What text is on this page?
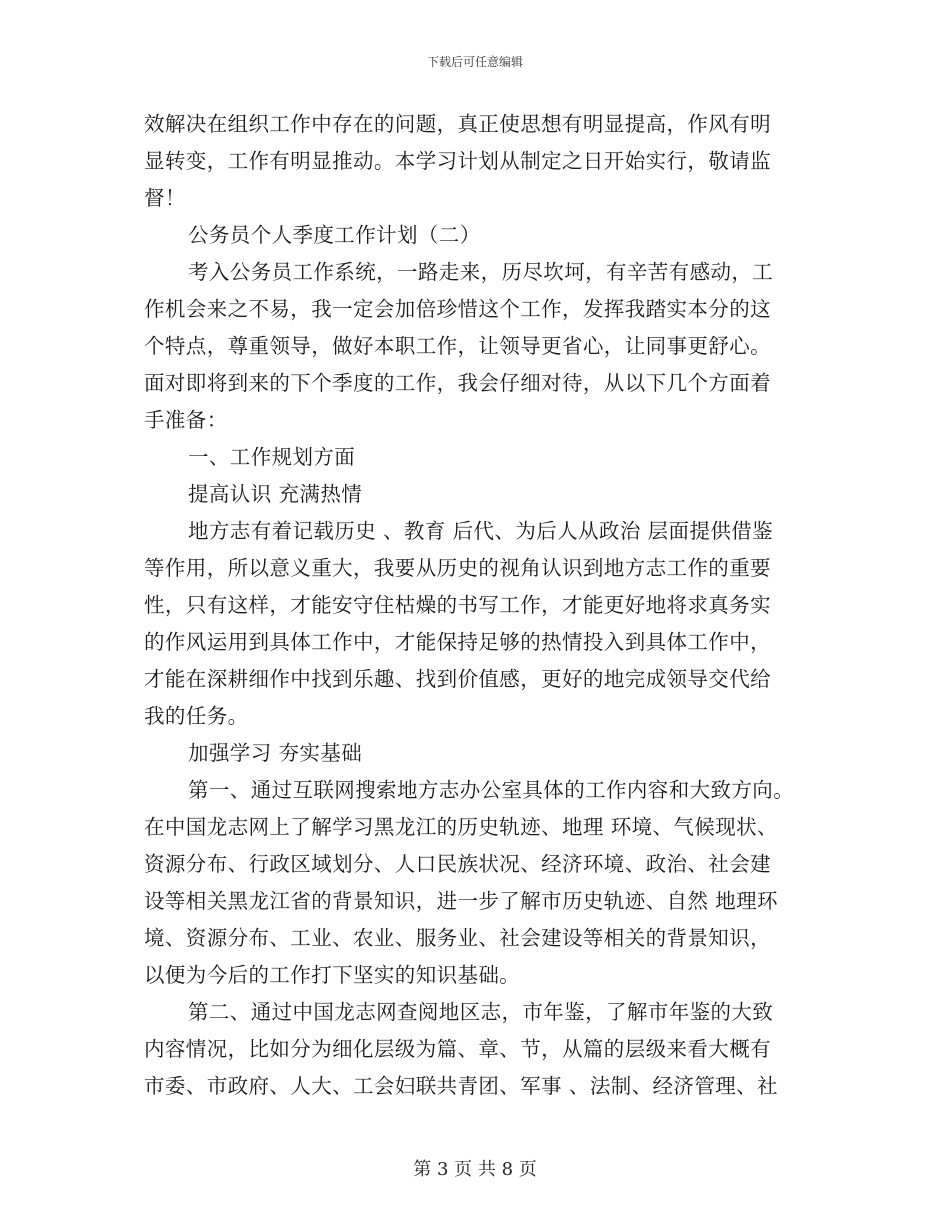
下载后可任意编辑
效解决在组织工作中存在的问题，真正使思想有明显提高，作风有明
显转变，工作有明显推动。本学习计划从制定之日开始实行，敬请监
督！
公务员个人季度工作计划（二）
考入公务员工作系统，一路走来，历尽坎坷，有辛苦有感动，工
作机会来之不易，我一定会加倍珍惜这个工作，发挥我踏实本分的这
个特点，尊重领导，做好本职工作，让领导更省心，让同事更舒心。
面对即将到来的下个季度的工作，我会仔细对待，从以下几个方面着
手准备：
一、工作规划方面
提高认识 充满热情
地方志有着记载历史 、教育 后代、为后人从政治 层面提供借鉴
等作用，所以意义重大，我要从历史的视角认识到地方志工作的重要
性，只有这样，才能安守住枯燥的书写工作，才能更好地将求真务实
的作风运用到具体工作中，才能保持足够的热情投入到具体工作中，
才能在深耕细作中找到乐趣、找到价值感，更好的地完成领导交代给
我的任务。
加强学习 夯实基础
第一、通过互联网搜索地方志办公室具体的工作内容和大致方向。
在中国龙志网上了解学习黑龙江的历史轨迹、地理 环境、气候现状、
资源分布、行政区域划分、人口民族状况、经济环境、政治、社会建
设等相关黑龙江省的背景知识，进一步了解市历史轨迹、自然 地理环
境、资源分布、工业、农业、服务业、社会建设等相关的背景知识，
以便为今后的工作打下坚实的知识基础。
第二、通过中国龙志网查阅地区志，市年鉴，了解市年鉴的大致
内容情况，比如分为细化层级为篇、章、节，从篇的层级来看大概有
市委、市政府、人大、工会妇联共青团、军事 、法制、经济管理、社
第 3 页 共 8 页
